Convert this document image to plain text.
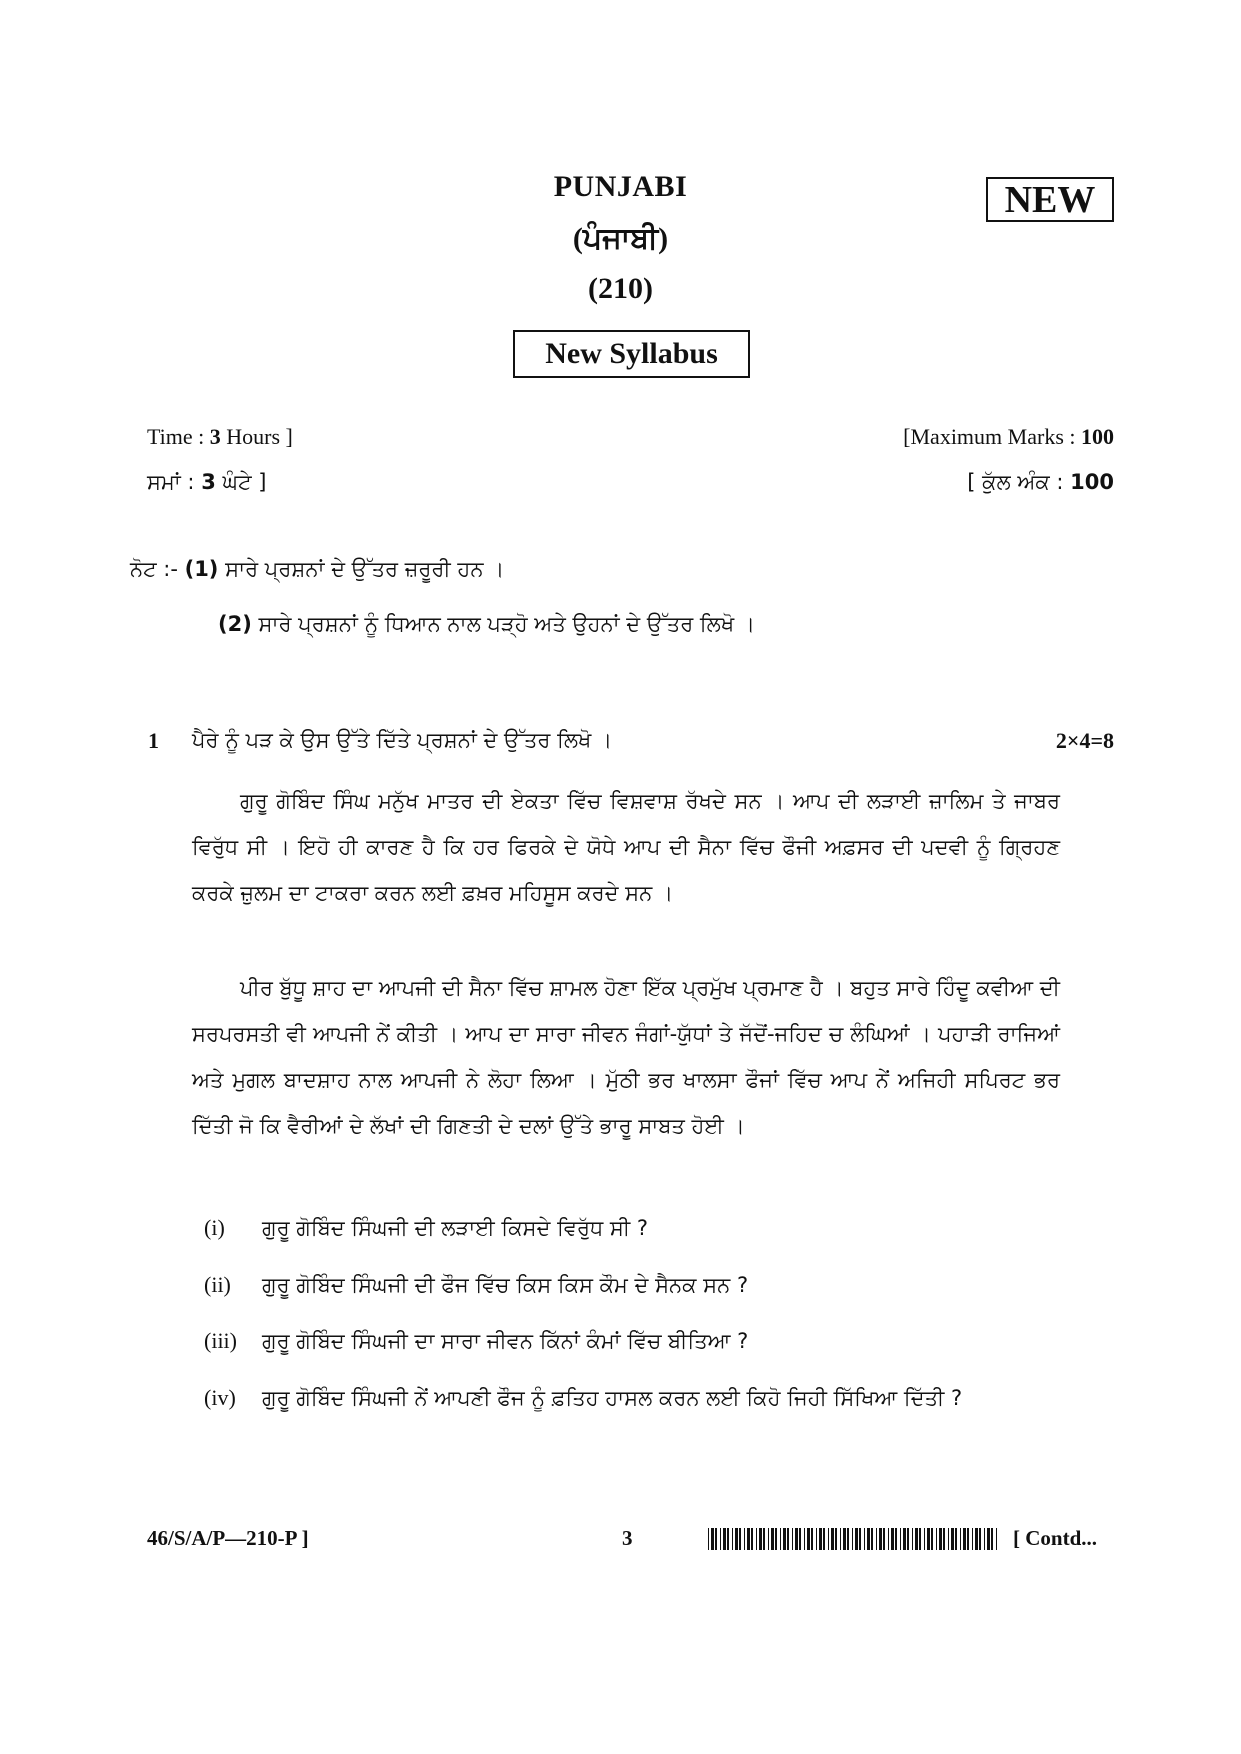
PUNJABI
(ਪੰਜਾਬੀ)
(210)
NEW
New Syllabus
Time : 3 Hours ]
ਸਮਾਂ : 3 ਘੰਟੇ ]
[Maximum Marks : 100
[ ਕੁੱਲ ਅੰਕ : 100
ਨੋਟ :- (1) ਸਾਰੇ ਪ੍ਰਸ਼ਨਾਂ ਦੇ ਉੱਤਰ ਜ਼ਰੂਰੀ ਹਨ ।
(2) ਸਾਰੇ ਪ੍ਰਸ਼ਨਾਂ ਨੂੰ ਧਿਆਨ ਨਾਲ ਪੜ੍ਹੋ ਅਤੇ ਉਹਨਾਂ ਦੇ ਉੱਤਰ ਲਿਖੋ ।
1 ਪੈਰੇ ਨੂੰ ਪੜ ਕੇ ਉਸ ਉੱਤੇ ਦਿੱਤੇ ਪ੍ਰਸ਼ਨਾਂ ਦੇ ਉੱਤਰ ਲਿਖੋ ।	2×4=8

ਗੁਰੂ ਗੋਬਿੰਦ ਸਿੰਘ ਮਨੁੱਖ ਮਾਤਰ ਦੀ ਏਕਤਾ ਵਿੱਚ ਵਿਸ਼ਵਾਸ਼ ਰੱਖਦੇ ਸਨ । ਆਪ ਦੀ ਲੜਾਈ ਜ਼ਾਲਿਮ ਤੇ ਜਾਬਰ ਵਿਰੁੱਧ ਸੀ । ਇਹੋ ਹੀ ਕਾਰਣ ਹੈ ਕਿ ਹਰ ਫਿਰਕੇ ਦੇ ਯੋਧੇ ਆਪ ਦੀ ਸੈਨਾ ਵਿੱਚ ਫੌਜੀ ਅਫ਼ਸਰ ਦੀ ਪਦਵੀ ਨੂੰ ਗ੍ਰਿਹਣ ਕਰਕੇ ਜ਼ੁਲਮ ਦਾ ਟਾਕਰਾ ਕਰਨ ਲਈ ਫ਼ਖ਼ਰ ਮਹਿਸੂਸ ਕਰਦੇ ਸਨ ।

ਪੀਰ ਬੁੱਧੂ ਸ਼ਾਹ ਦਾ ਆਪਜੀ ਦੀ ਸੈਨਾ ਵਿੱਚ ਸ਼ਾਮਲ ਹੋਣਾ ਇੱਕ ਪ੍ਰਮੁੱਖ ਪ੍ਰਮਾਣ ਹੈ । ਬਹੁਤ ਸਾਰੇ ਹਿੰਦੂ ਕਵੀਆ ਦੀ ਸਰਪਰਸਤੀ ਵੀ ਆਪਜੀ ਨੇਂ ਕੀਤੀ । ਆਪ ਦਾ ਸਾਰਾ ਜੀਵਨ ਜੰਗਾਂ-ਯੁੱਧਾਂ ਤੇ ਜੱਦੋਂ-ਜਹਿਦ ਚ ਲੰਘਿਆਂ । ਪਹਾੜੀ ਰਾਜਿਆਂ ਅਤੇ ਮੁਗਲ ਬਾਦਸ਼ਾਹ ਨਾਲ ਆਪਜੀ ਨੇ ਲੋਹਾ ਲਿਆ । ਮੁੱਠੀ ਭਰ ਖਾਲਸਾ ਫੌਜਾਂ ਵਿੱਚ ਆਪ ਨੇਂ ਅਜਿਹੀ ਸਪਿਰਟ ਭਰ ਦਿੱਤੀ ਜੋ ਕਿ ਵੈਰੀਆਂ ਦੇ ਲੱਖਾਂ ਦੀ ਗਿਣਤੀ ਦੇ ਦਲਾਂ ਉੱਤੇ ਭਾਰੂ ਸਾਬਤ ਹੋਈ ।

(i) ਗੁਰੂ ਗੋਬਿੰਦ ਸਿੰਘਜੀ ਦੀ ਲੜਾਈ ਕਿਸਦੇ ਵਿਰੁੱਧ ਸੀ ?
(ii) ਗੁਰੂ ਗੋਬਿੰਦ ਸਿੰਘਜੀ ਦੀ ਫੌਜ ਵਿੱਚ ਕਿਸ ਕਿਸ ਕੌਮ ਦੇ ਸੈਨਕ ਸਨ ?
(iii) ਗੁਰੂ ਗੋਬਿੰਦ ਸਿੰਘਜੀ ਦਾ ਸਾਰਾ ਜੀਵਨ ਕਿੱਨਾਂ ਕੰਮਾਂ ਵਿੱਚ ਬੀਤਿਆ ?
(iv) ਗੁਰੂ ਗੋਬਿੰਦ ਸਿੰਘਜੀ ਨੇਂ ਆਪਣੀ ਫੌਜ ਨੂੰ ਫ਼ਤਿਹ ਹਾਸਲ ਕਰਨ ਲਈ ਕਿਹੋ ਜਿਹੀ ਸਿੱਖਿਆ ਦਿੱਤੀ ?
46/S/A/P—210-P ]	3	[ Contd...
